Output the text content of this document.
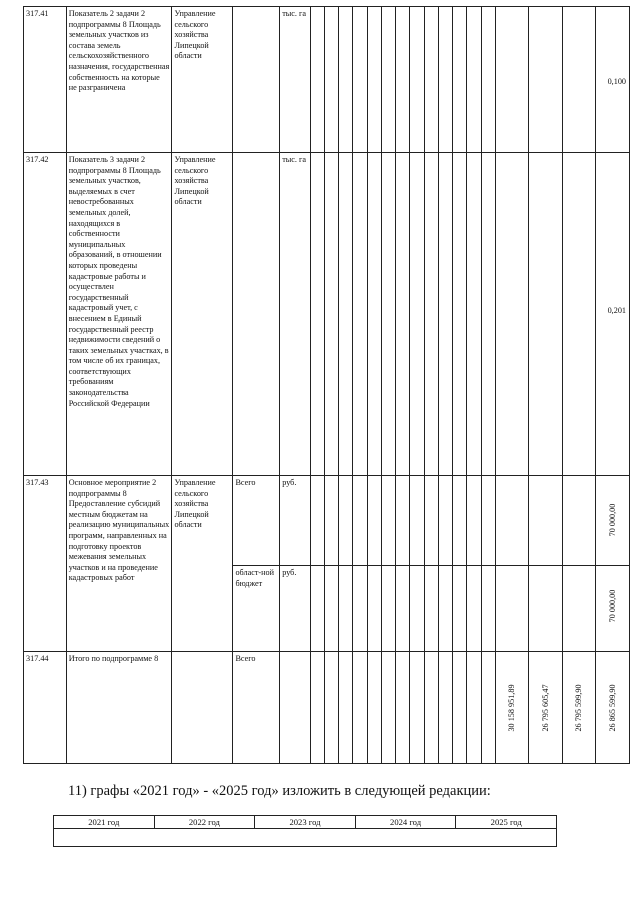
317.41	Показатель 2 задачи 2 подпрограммы 8 Площадь земельных участков из состава земель сельскохозяйственного назначения, государственная собственность на которые не разграничена	Управление сельского хозяйства Липецкой области		тыс. га																	0,100

317.42	Показатель 3 задачи 2 подпрограммы 8 Площадь земельных участков, выделяемых в счет невостребованных земельных долей, находящихся в собственности муниципальных образований, в отношении которых проведены кадастровые работы и осуществлен государственный кадастровый учет, с внесением в Единый государственный реестр недвижимости сведений о таких земельных участках, в том числе об их границах, соответствующих требованиям законодательства Российской Федерации	Управление сельского хозяйства Липецкой области		тыс. га																	0,201

317.43	Основное мероприятие 2 подпрограммы 8 Предоставление субсидий местным бюджетам на реализацию муниципальных программ, направленных на подготовку проектов межевания земельных участков и на проведение кадастровых работ	Управление сельского хозяйства Липецкой области	Всего	руб.																	70 000,00

			област-ной бюджет	руб.																	70 000,00

317.44	Итого по подпрограмме 8		Всего															30 158 951,89	26 795 605,47	26 795 599,90	26 865 599,90
11) графы «2021 год» - «2025 год» изложить в следующей редакции:
2021 год	2022 год	2023 год	2024 год	2025 год
